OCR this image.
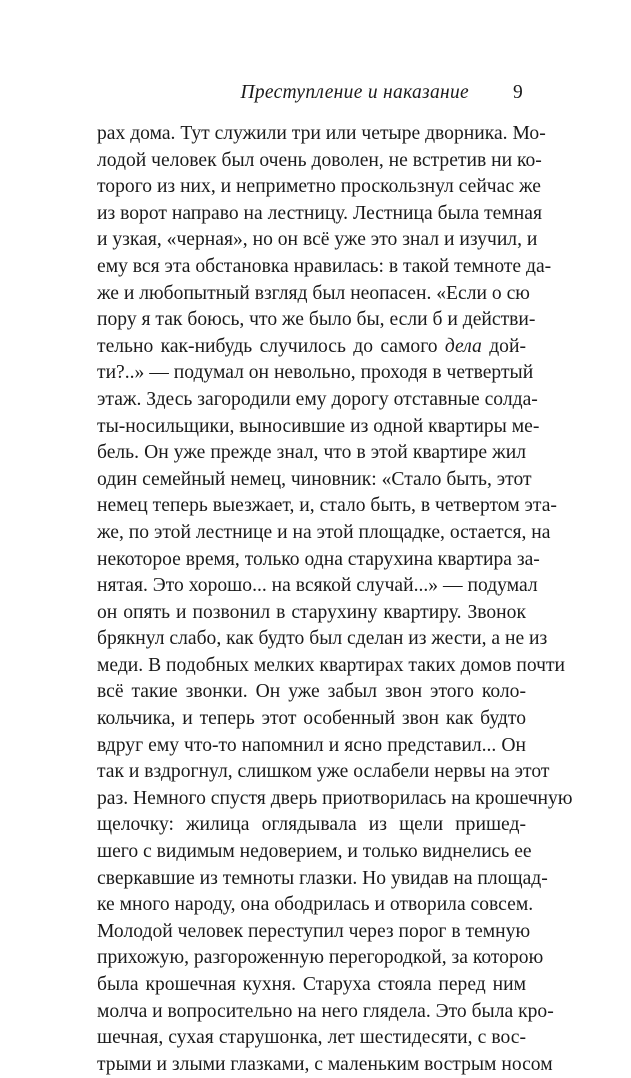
Преступление и наказание 9
рах дома. Тут служили три или четыре дворника. Мо-
лодой человек был очень доволен, не встретив ни ко-
торого из них, и неприметно проскользнул сейчас же
из ворот направо на лестницу. Лестница была темная
и узкая, «черная», но он всё уже это знал и изучил, и
ему вся эта обстановка нравилась: в такой темноте да-
же и любопытный взгляд был неопасен. «Если о сю
пору я так боюсь, что же было бы, если б и действи-
тельно как-нибудь случилось до самого дела дой-
ти?..» — подумал он невольно, проходя в четвертый
этаж. Здесь загородили ему дорогу отставные солда-
ты-носильщики, выносившие из одной квартиры ме-
бель. Он уже прежде знал, что в этой квартире жил
один семейный немец, чиновник: «Стало быть, этот
немец теперь выезжает, и, стало быть, в четвертом эта-
же, по этой лестнице и на этой площадке, остается, на
некоторое время, только одна старухина квартира за-
нятая. Это хорошо... на всякой случай...» — подумал
он опять и позвонил в старухину квартиру. Звонок
брякнул слабо, как будто был сделан из жести, а не из
меди. В подобных мелких квартирах таких домов почти
всё такие звонки. Он уже забыл звон этого коло-
кольчика, и теперь этот особенный звон как будто
вдруг ему что-то напомнил и ясно представил... Он
так и вздрогнул, слишком уже ослабели нервы на этот
раз. Немного спустя дверь приотворилась на крошечную
щелочку: жилица оглядывала из щели пришед-
шего с видимым недоверием, и только виднелись ее
сверкавшие из темноты глазки. Но увидав на площад-
ке много народу, она ободрилась и отворила совсем.
Молодой человек переступил через порог в темную
прихожую, разгороженную перегородкой, за которою
была крошечная кухня. Старуха стояла перед ним
молча и вопросительно на него глядела. Это была кро-
шечная, сухая старушонка, лет шестидесяти, с вос-
трыми и злыми глазками, с маленьким вострым носом
